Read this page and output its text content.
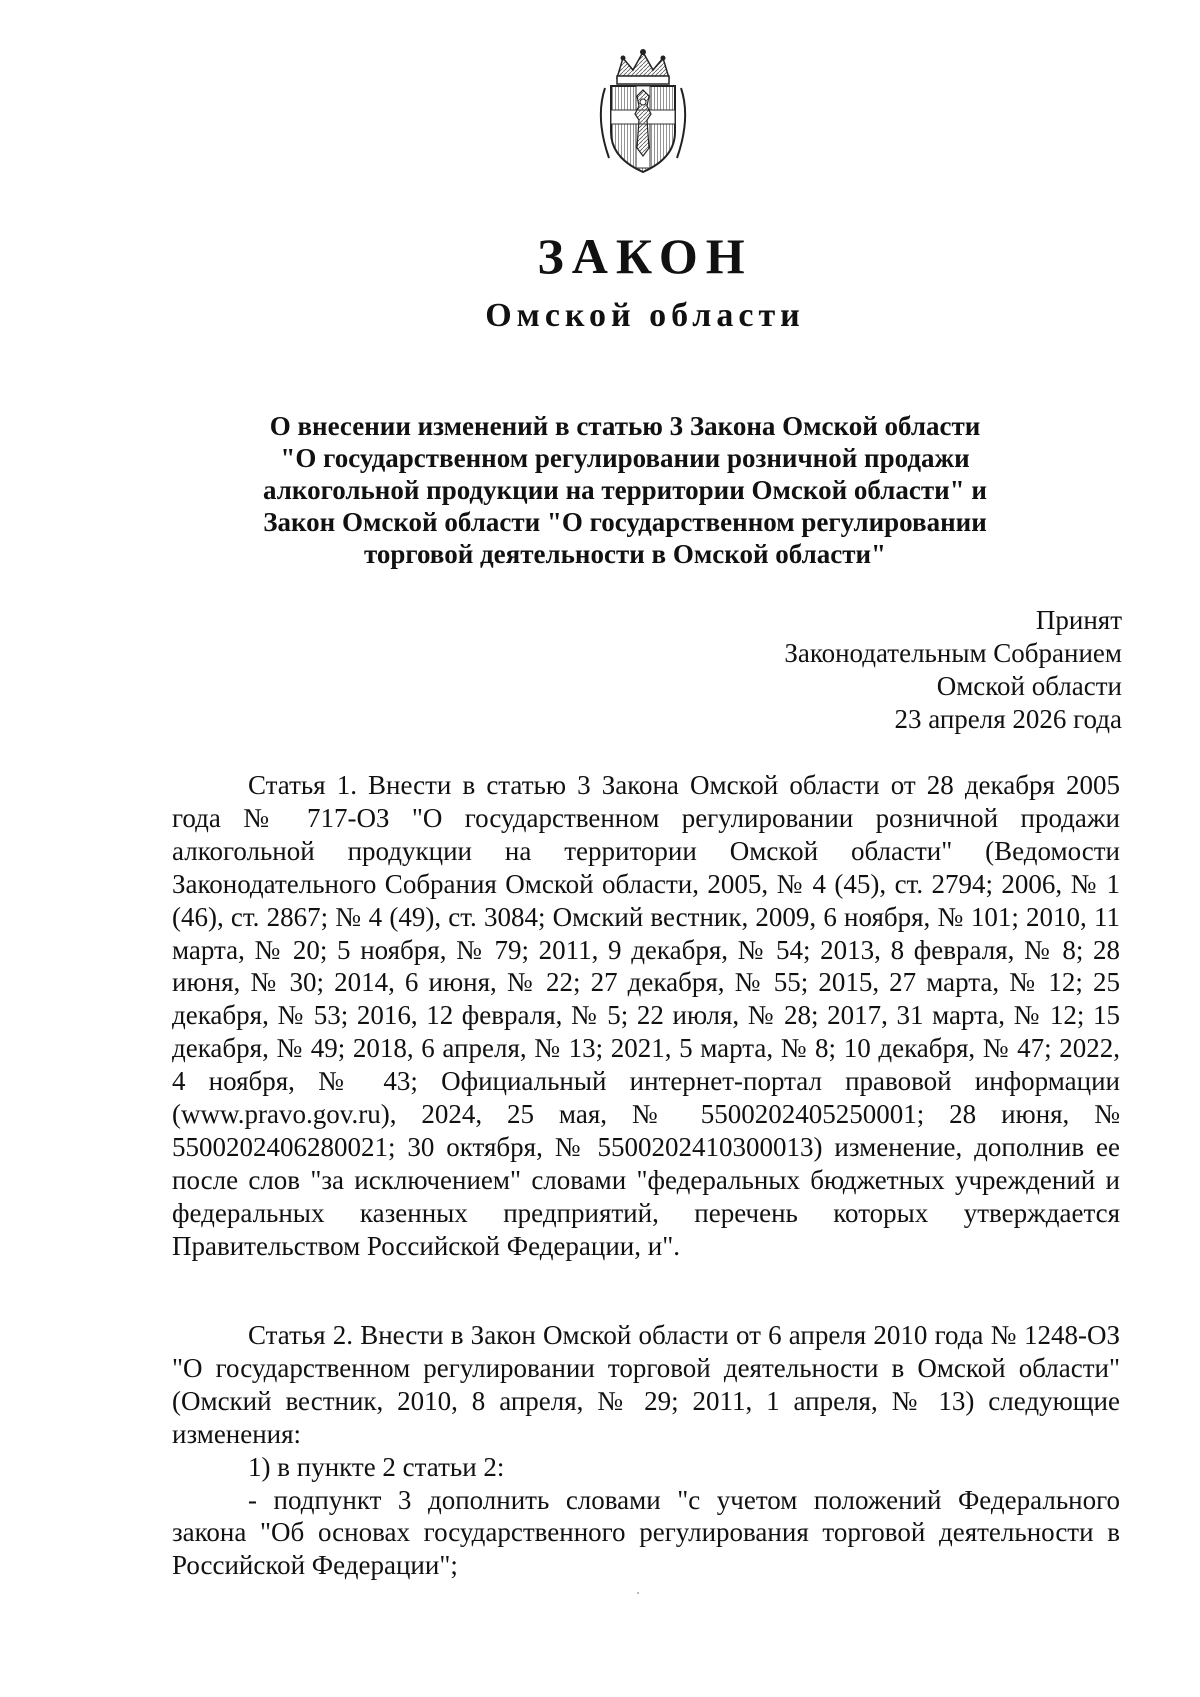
ЗАКОН
Омской области
О внесении изменений в статью 3 Закона Омской области
"О государственном регулировании розничной продажи
алкогольной продукции на территории Омской области" и
Закон Омской области "О государственном регулировании
торговой деятельности в Омской области"
Принят
Законодательным Собранием
Омской области
23 апреля 2026 года

Статья 1. Внести в статью 3 Закона Омской области от 28 декабря 2005 года № 717-ОЗ "О государственном регулировании розничной продажи алкогольной продукции на территории Омской области" (Ведомости Законодательного Собрания Омской области, 2005, № 4 (45), ст. 2794; 2006, № 1 (46), ст. 2867; № 4 (49), ст. 3084; Омский вестник, 2009, 6 ноября, № 101; 2010, 11 марта, № 20; 5 ноября, № 79; 2011, 9 декабря, № 54; 2013, 8 февраля, № 8; 28 июня, № 30; 2014, 6 июня, № 22; 27 декабря, № 55; 2015, 27 марта, № 12; 25 декабря, № 53; 2016, 12 февраля, № 5; 22 июля, № 28; 2017, 31 марта, № 12; 15 декабря, № 49; 2018, 6 апреля, № 13; 2021, 5 марта, № 8; 10 декабря, № 47; 2022, 4 ноября, № 43; Официальный интернет-портал правовой информации (www.pravo.gov.ru), 2024, 25 мая, № 5500202405250001; 28 июня, № 5500202406280021; 30 октября, № 5500202410300013) изменение, дополнив ее после слов "за исключением" словами "федеральных бюджетных учреждений и федеральных казенных предприятий, перечень которых утверждается Правительством Российской Федерации, и".

Статья 2. Внести в Закон Омской области от 6 апреля 2010 года № 1248-ОЗ "О государственном регулировании торговой деятельности в Омской области" (Омский вестник, 2010, 8 апреля, № 29; 2011, 1 апреля, № 13) следующие изменения:

1) в пункте 2 статьи 2:

- подпункт 3 дополнить словами "с учетом положений Федерального закона "Об основах государственного регулирования торговой деятельности в Российской Федерации";
